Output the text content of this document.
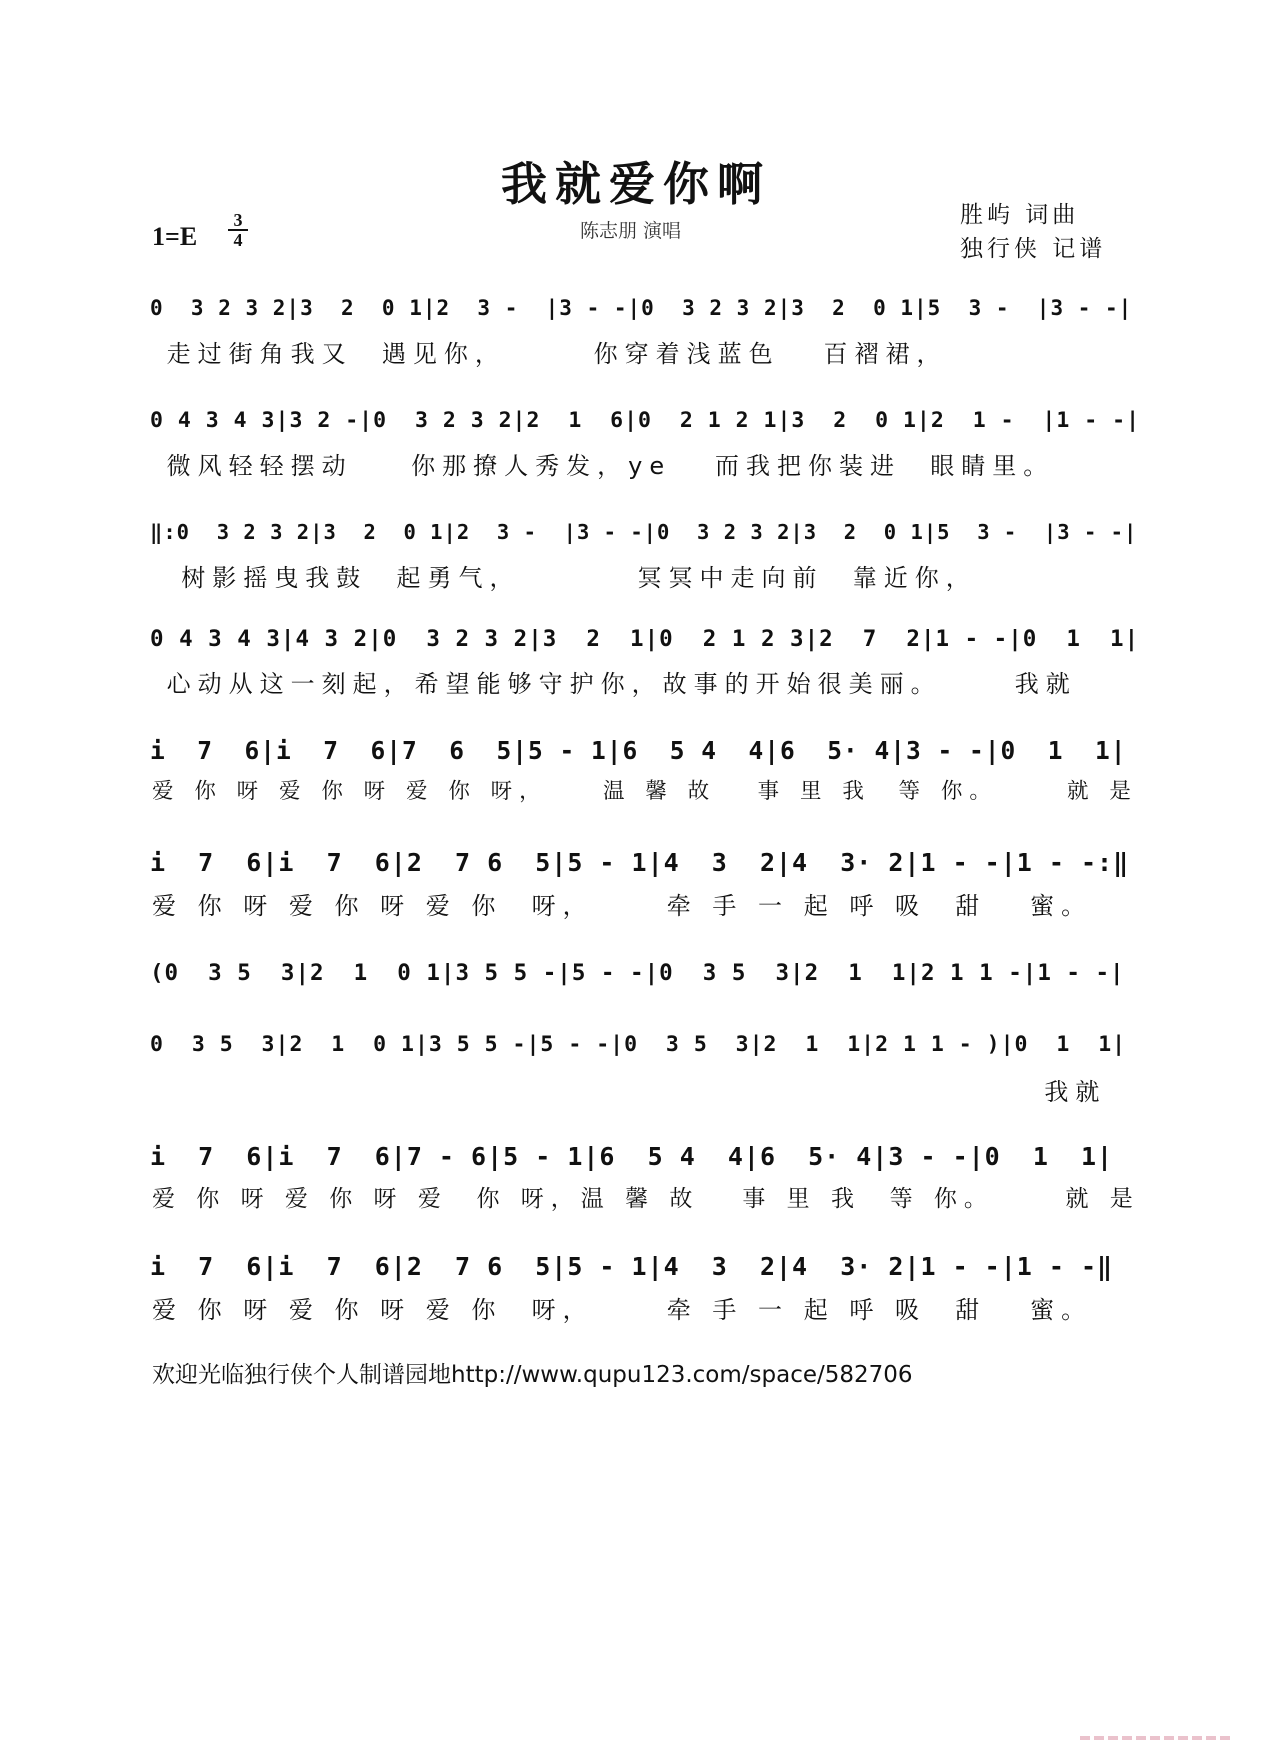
我就爱你啊
陈志朋 演唱
1=E
3
4
胜屿 词曲
独行侠 记谱
0  3 2 3 2|3  2  0 1|2  3 -  |3 - -|0  3 2 3 2|3  2  0 1|5  3 -  |3 - -|
走过街角我又  遇见你，      你穿着浅蓝色   百褶裙，
0 4 3 4 3|3 2 -|0  3 2 3 2|2  1  6|0  2 1 2 1|3  2  0 1|2  1 -  |1 - -|
微风轻轻摆动    你那撩人秀发，ye   而我把你装进  眼睛里。
‖:0  3 2 3 2|3  2  0 1|2  3 -  |3 - -|0  3 2 3 2|3  2  0 1|5  3 -  |3 - -|
树影摇曳我鼓  起勇气，        冥冥中走向前  靠近你，
0 4 3 4 3|4 3 2|0  3 2 3 2|3  2  1|0  2 1 2 3|2  7  2|1 - -|0  1  1|
心动从这一刻起，希望能够守护你，故事的开始很美丽。     我就
i  7  6|i  7  6|7  6  5|5 - 1|6  5 4  4|6  5· 4|3 - -|0  1  1|
爱 你 呀 爱 你 呀 爱 你 呀，    温 馨 故   事 里 我  等 你。     就 是
i  7  6|i  7  6|2  7 6  5|5 - 1|4  3  2|4  3· 2|1 - -|1 - -:‖
爱 你 呀 爱 你 呀 爱 你  呀，     牵 手 一 起 呼 吸  甜   蜜。
(0  3 5  3|2  1  0 1|3 5 5 -|5 - -|0  3 5  3|2  1  1|2 1 1 -|1 - -|
0  3 5  3|2  1  0 1|3 5 5 -|5 - -|0  3 5  3|2  1  1|2 1 1 - )|0  1  1|
我就
i  7  6|i  7  6|7 - 6|5 - 1|6  5 4  4|6  5· 4|3 - -|0  1  1|
爱 你 呀 爱 你 呀 爱  你 呀，温 馨 故   事 里 我  等 你。     就 是
i  7  6|i  7  6|2  7 6  5|5 - 1|4  3  2|4  3· 2|1 - -|1 - -‖
爱 你 呀 爱 你 呀 爱 你  呀，     牵 手 一 起 呼 吸  甜   蜜。
欢迎光临独行侠个人制谱园地http://www.qupu123.com/space/582706
